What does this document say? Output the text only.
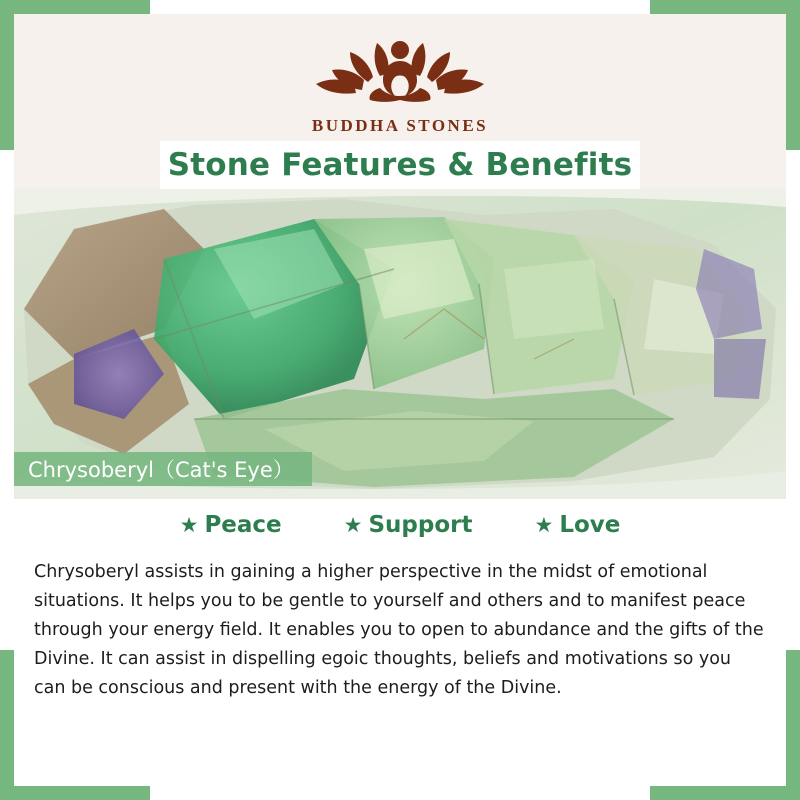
BUDDHA STONES
Stone Features & Benefits
Chrysoberyl（Cat's Eye）
★ Peace	★ Support	★ Love

Chrysoberyl assists in gaining a higher perspective in the midst of emotional situations. It helps you to be gentle to yourself and others and to manifest peace through your energy field. It enables you to open to abundance and the gifts of the Divine. It can assist in dispelling egoic thoughts, beliefs and motivations so you can be conscious and present with the energy of the Divine.
